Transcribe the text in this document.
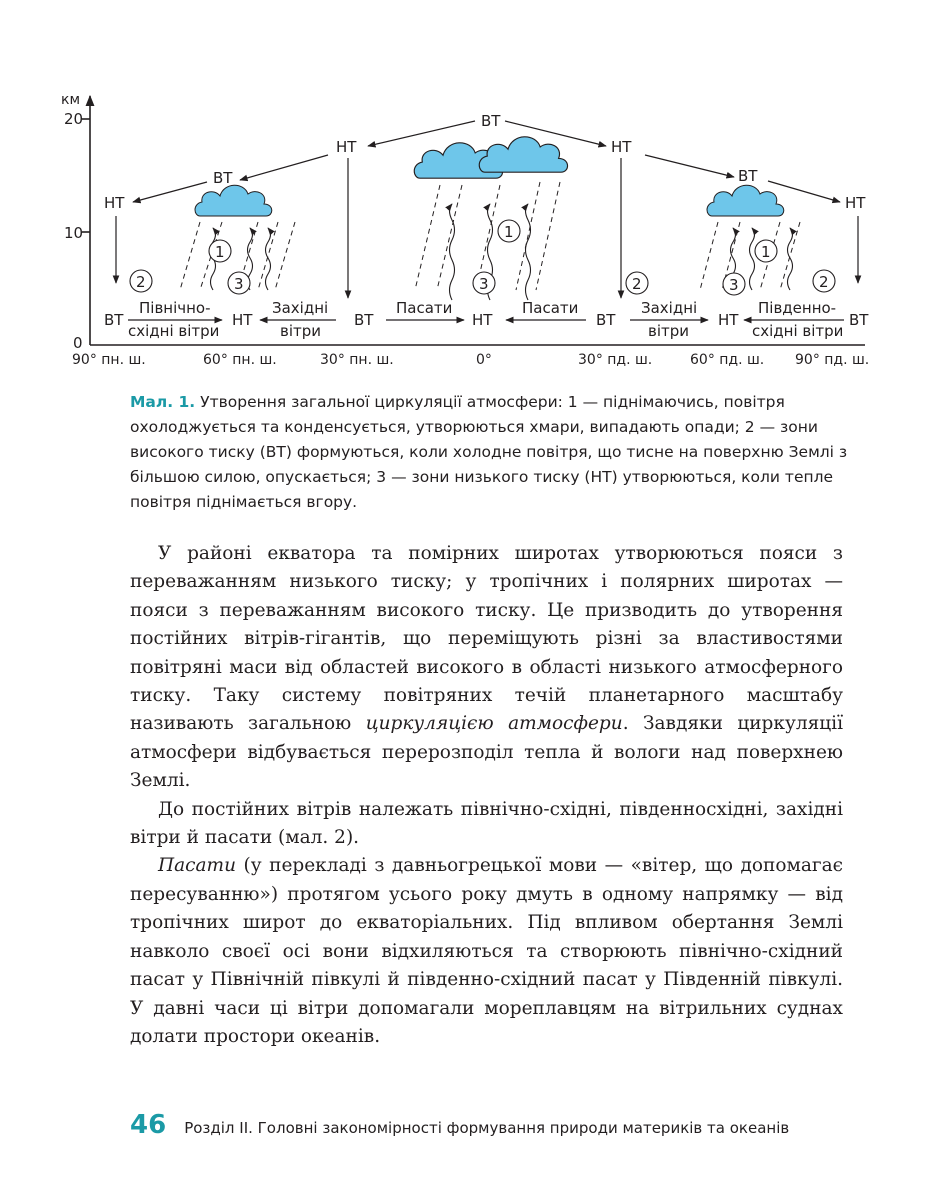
км
20
10
0
90° пн. ш.	60° пн. ш.	30° пн. ш.	0°	30° пд. ш.	60° пд. ш. 90° пд. ш.
ВТ
НТ	НТ
ВТ	ВТ
НТ	НТ
2
1
3	3
1
2	3
1
2
ВТ	НТ	ВТ	НТ	ВТ	НТ	ВТ
Північно-
східні вітри
Західні
вітри
Пасати	Пасати	Західні
вітри
Південно-
східні вітри
Мал. 1. Утворення загальної циркуляції атмосфери: 1 — піднімаючись, повітря охолоджується та конденсується, утворюються хмари, випадають опади; 2 — зони високого тиску (ВТ) формуються, коли холодне повітря, що тисне на поверхню Землі з більшою силою, опускається; 3 — зони низького тиску (НТ) утворюються, коли тепле повітря піднімається вгору.

У районі екватора та помірних широтах утворюються пояси з переважанням низького тиску; у тропічних і полярних широтах — пояси з переважанням високого тиску. Це призводить до утворення постійних вітрів-гігантів, що переміщують різні за властивостями повітряні маси від областей високого в області низького атмосферного тиску. Таку систему повітряних течій планетарного масштабу називають загальною циркуляцією атмосфери. Завдяки циркуляції атмосфери відбувається перерозподіл тепла й вологи над поверхнею Землі.

До постійних вітрів належать північно-східні, південносхідні, західні вітри й пасати (мал. 2).

Пасати (у перекладі з давньогрецької мови — «вітер, що допомагає пересуванню») протягом усього року дмуть в одному напрямку — від тропічних широт до екваторіальних. Під впливом обертання Землі навколо своєї осі вони відхиляються та створюють північно-східний пасат у Північній півкулі й південно-східний пасат у Південній півкулі. У давні часи ці вітри допомагали мореплавцям на вітрильних суднах долати простори океанів.

46 Розділ ІІ. Головні закономірності формування природи материків та океанів
